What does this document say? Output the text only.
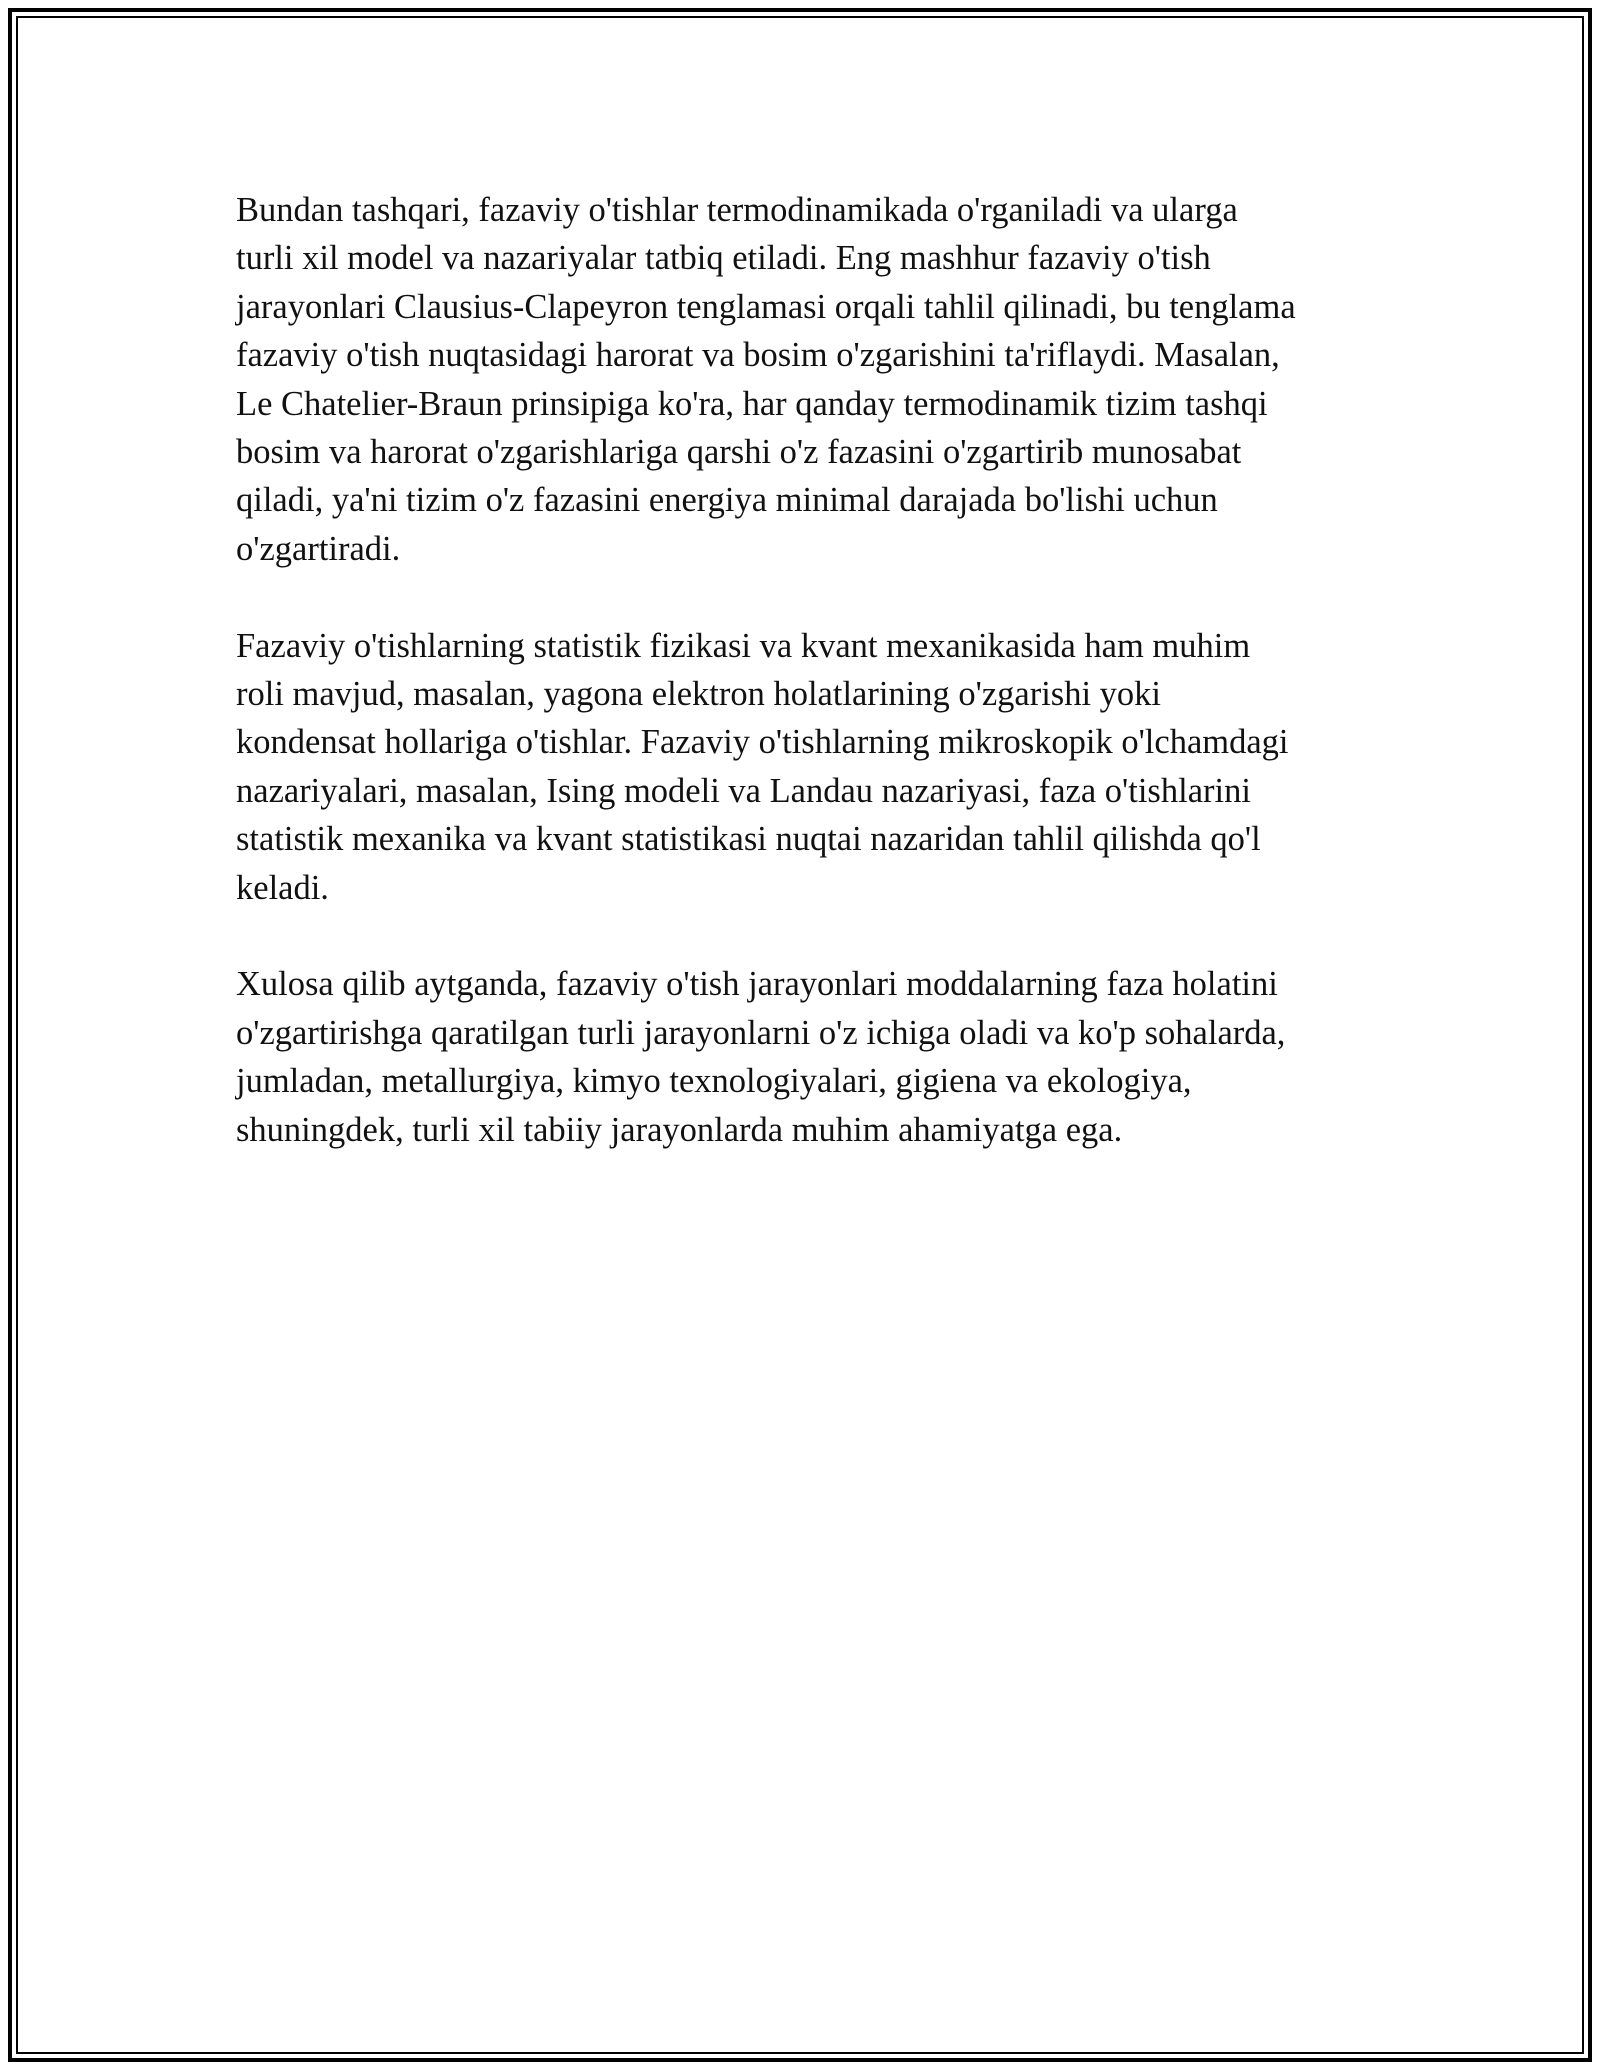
Bundan tashqari, fazaviy o'tishlar termodinamikada o'rganiladi va ularga
turli xil model va nazariyalar tatbiq etiladi. Eng mashhur fazaviy o'tish
jarayonlari Clausius-Clapeyron tenglamasi orqali tahlil qilinadi, bu tenglama
fazaviy o'tish nuqtasidagi harorat va bosim o'zgarishini ta'riflaydi. Masalan,
Le Chatelier-Braun prinsipiga ko'ra, har qanday termodinamik tizim tashqi
bosim va harorat o'zgarishlariga qarshi o'z fazasini o'zgartirib munosabat
qiladi, ya'ni tizim o'z fazasini energiya minimal darajada bo'lishi uchun
o'zgartiradi.

Fazaviy o'tishlarning statistik fizikasi va kvant mexanikasida ham muhim
roli mavjud, masalan, yagona elektron holatlarining o'zgarishi yoki
kondensat hollariga o'tishlar. Fazaviy o'tishlarning mikroskopik o'lchamdagi
nazariyalari, masalan, Ising modeli va Landau nazariyasi, faza o'tishlarini
statistik mexanika va kvant statistikasi nuqtai nazaridan tahlil qilishda qo'l
keladi.

Xulosa qilib aytganda, fazaviy o'tish jarayonlari moddalarning faza holatini
o'zgartirishga qaratilgan turli jarayonlarni o'z ichiga oladi va ko'p sohalarda,
jumladan, metallurgiya, kimyo texnologiyalari, gigiena va ekologiya,
shuningdek, turli xil tabiiy jarayonlarda muhim ahamiyatga ega.
